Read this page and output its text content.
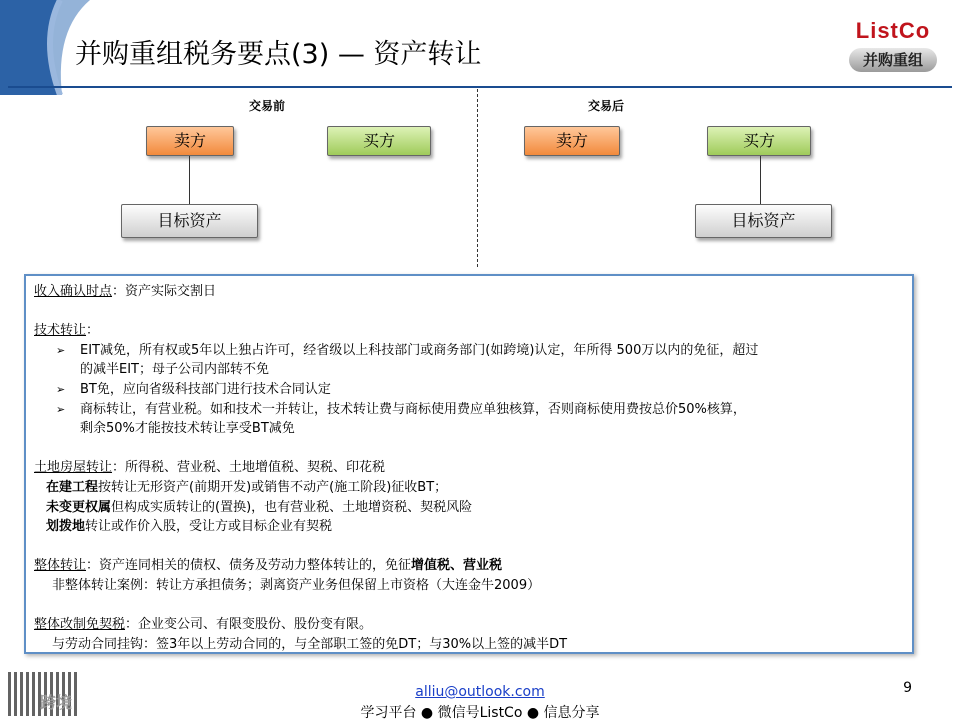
并购重组税务要点(3) — 资产转让
ListCo
并购重组
交易前	交易后
卖方	买方
目标资产
卖方	买方
目标资产
收入确认时点：资产实际交割日
技术转让：
➢ EIT减免，所有权或5年以上独占许可，经省级以上科技部门或商务部门(如跨境)认定，年所得 500万以内的免征，超过
的减半EIT；母子公司内部转不免
➢ BT免，应向省级科技部门进行技术合同认定
➢ 商标转让，有营业税。如和技术一并转让，技术转让费与商标使用费应单独核算，否则商标使用费按总价50%核算，
剩余50%才能按技术转让享受BT减免
土地房屋转让：所得税、营业税、土地增值税、契税、印花税
在建工程按转让无形资产(前期开发)或销售不动产(施工阶段)征收BT；
未变更权属但构成实质转让的(置换)，也有营业税、土地增资税、契税风险
划拨地转让或作价入股，受让方或目标企业有契税
整体转让：资产连同相关的债权、债务及劳动力整体转让的，免征增值税、营业税
非整体转让案例：转让方承担债务；剥离资产业务但保留上市资格（大连金牛2009）
整体改制免契税：企业变公司、有限变股份、股份变有限。
与劳动合同挂钩：签3年以上劳动合同的，与全部职工签的免DT；与30%以上签的减半DT
跨境
alliu@outlook.com
学习平台 ● 微信号ListCo ● 信息分享
9
